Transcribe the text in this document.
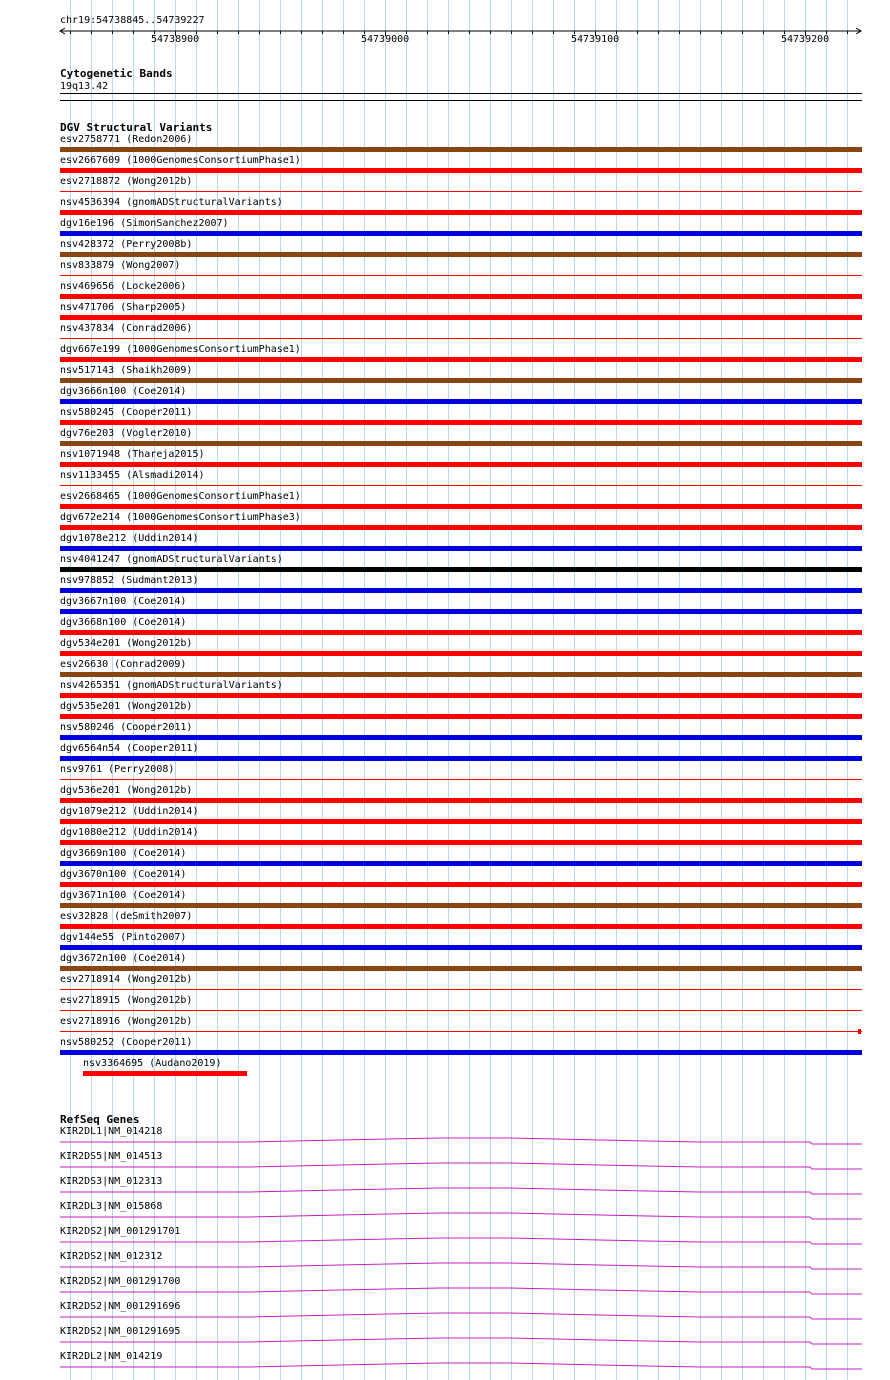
chr19:54738845..54739227
54738900	54739000	54739100	54739200
Cytogenetic Bands
19q13.42
DGV Structural Variants
esv2758771 (Redon2006)
esv2667609 (1000GenomesConsortiumPhase1)
esv2718872 (Wong2012b)
nsv4536394 (gnomADStructuralVariants)
dgv16e196 (SimonSanchez2007)
nsv428372 (Perry2008b)
nsv833879 (Wong2007)
nsv469656 (Locke2006)
nsv471706 (Sharp2005)
nsv437834 (Conrad2006)
dgv667e199 (1000GenomesConsortiumPhase1)
nsv517143 (Shaikh2009)
dgv3666n100 (Coe2014)
nsv580245 (Cooper2011)
dgv76e203 (Vogler2010)
nsv1071948 (Thareja2015)
nsv1133455 (Alsmadi2014)
esv2668465 (1000GenomesConsortiumPhase1)
dgv672e214 (1000GenomesConsortiumPhase3)
dgv1078e212 (Uddin2014)
nsv4041247 (gnomADStructuralVariants)
nsv978852 (Sudmant2013)
dgv3667n100 (Coe2014)
dgv3668n100 (Coe2014)
dgv534e201 (Wong2012b)
esv26630 (Conrad2009)
nsv4265351 (gnomADStructuralVariants)
dgv535e201 (Wong2012b)
nsv580246 (Cooper2011)
dgv6564n54 (Cooper2011)
nsv9761 (Perry2008)
dgv536e201 (Wong2012b)
dgv1079e212 (Uddin2014)
dgv1080e212 (Uddin2014)
dgv3669n100 (Coe2014)
dgv3670n100 (Coe2014)
dgv3671n100 (Coe2014)
esv32828 (deSmith2007)
dgv144e55 (Pinto2007)
dgv3672n100 (Coe2014)
esv2718914 (Wong2012b)
esv2718915 (Wong2012b)
esv2718916 (Wong2012b)
nsv580252 (Cooper2011)
nsv3364695 (Audano2019)
RefSeq Genes
KIR2DL1|NM_014218
KIR2DS5|NM_014513
KIR2DS3|NM_012313
KIR2DL3|NM_015868
KIR2DS2|NM_001291701
KIR2DS2|NM_012312
KIR2DS2|NM_001291700
KIR2DS2|NM_001291696
KIR2DS2|NM_001291695
KIR2DL2|NM_014219
